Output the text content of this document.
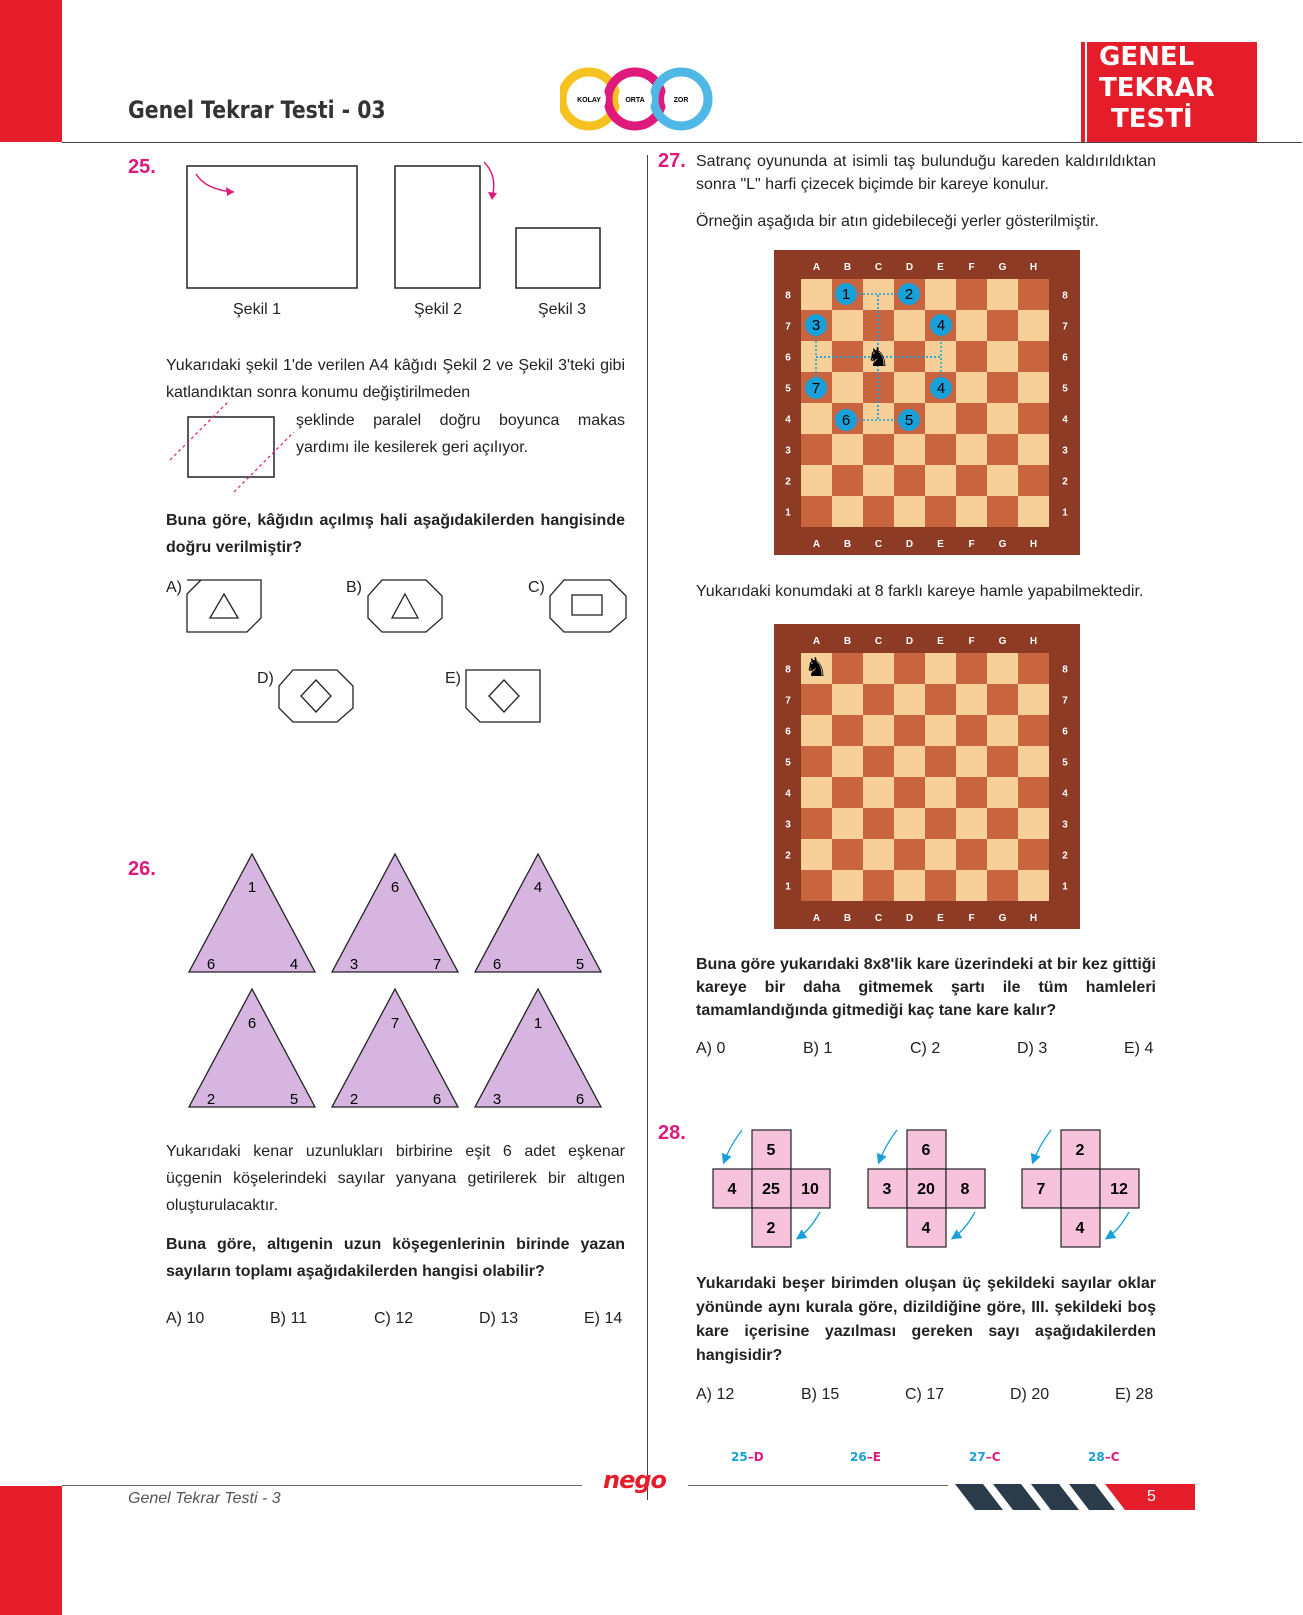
Genel Tekrar Testi - 03	KOLAY	ORTA	ZOR
GENEL
TEKRAR
TESTİ
25.
Şekil 1	Şekil 2	Şekil 3
Yukarıdaki şekil 1'de verilen A4 kâğıdı Şekil 2 ve Şekil 3'teki gibi katlandıktan sonra konumu değiştirilmeden
şeklinde paralel doğru boyunca makas yardımı ile kesilerek geri açılıyor.
Buna göre, kâğıdın açılmış hali aşağıdakilerden hangisinde doğru verilmiştir?
A)	B)	C)
D)	E)
26.
1
6	4
6
3	7
4
6	5
6
2	5
7
2	6
1
3	6
Yukarıdaki kenar uzunlukları birbirine eşit 6 adet eşkenar üçgenin köşelerindeki sayılar yanyana getirilerek bir altıgen oluşturulacaktır.
Buna göre, altıgenin uzun köşegenlerinin birinde yazan sayıların toplamı aşağıdakilerden hangisi olabilir?
A) 10	B) 11	C) 12	D) 13	E) 14
27. Satranç oyununda at isimli taş bulunduğu kareden kaldırıldıktan sonra "L" harfi çizecek biçimde bir kareye konulur.
Örneğin aşağıda bir atın gidebileceği yerler gösterilmiştir.
A
A
B
B
C
C
D
D
E
E
F
F
G
G
H
H
8	8
7	7
6	6
5	5
4	4
3	3
2	2
1	1
♞
1	2
3	4
7	4
6	5
Yukarıdaki konumdaki at 8 farklı kareye hamle yapabilmektedir.
A
A
B
B
C
C
D
D
E
E
F
F
G
G
H
H
8	8
7	7
6	6
5	5
4	4
3	3
2	2
1	1
♞
Buna göre yukarıdaki 8x8'lik kare üzerindeki at bir kez gittiği kareye bir daha gitmemek şartı ile tüm hamleleri tamamlandığında gitmediği kaç tane kare kalır?
A) 0	B) 1	C) 2	D) 3	E) 4
28.
5
4 25 10
2
6
3 20 8
4
2
7	12
4
Yukarıdaki beşer birimden oluşan üç şekildeki sayılar oklar yönünde aynı kurala göre, dizildiğine göre, III. şekildeki boş kare içerisine yazılması gereken sayı aşağıdakilerden hangisidir?
A) 12	B) 15	C) 17	D) 20	E) 28
25–D	26–E	27–C	28–C
Genel Tekrar Testi - 3
nego
5
